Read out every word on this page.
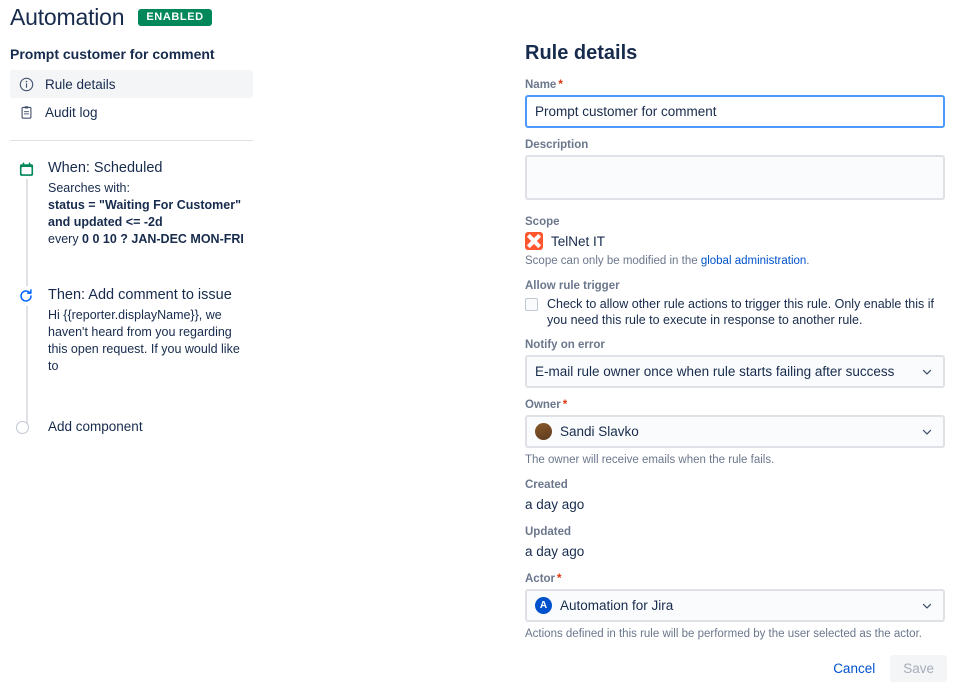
Automation	ENABLED
Prompt customer for comment
Rule details
Audit log
When: Scheduled
Searches with:
status = "Waiting For Customer"
and updated <= -2d
every 0 0 10 ? JAN-DEC MON-FRI
Then: Add comment to issue
Hi {{reporter.displayName}}, we haven't heard from you regarding this open request. If you would like to
Add component
Rule details
Name *
Prompt customer for comment
Description
Scope
TelNet IT
Scope can only be modified in the global administration.
Allow rule trigger
Check to allow other rule actions to trigger this rule. Only enable this if you need this rule to execute in response to another rule.
Notify on error
E-mail rule owner once when rule starts failing after success
Owner *
Sandi Slavko
The owner will receive emails when the rule fails.
Created
a day ago
Updated
a day ago
Actor *
A Automation for Jira
Actions defined in this rule will be performed by the user selected as the actor.
Cancel	Save
